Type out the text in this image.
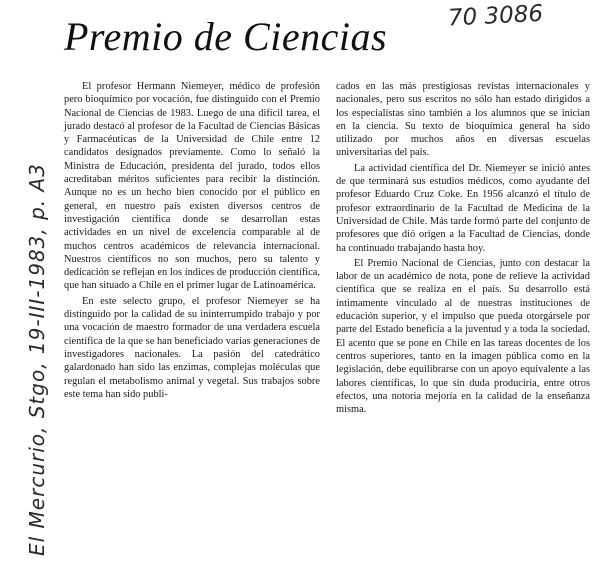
Premio de Ciencias	70 3086
El Mercurio, Stgo, 19-III-1983, p. A3

El profesor Hermann Niemeyer, médico de profesión pero bioquímico por vocación, fue distinguido con el Premio Nacional de Ciencias de 1983. Luego de una difícil tarea, el jurado destacó al profesor de la Facultad de Ciencias Básicas y Farmacéuticas de la Universidad de Chile entre 12 candidatos designados previamente. Como lo señaló la Ministra de Educación, presidenta del jurado, todos ellos acreditaban méritos suficientes para recibir la distinción. Aunque no es un hecho bien conocido por el público en general, en nuestro país existen diversos centros de investigación científica donde se desarrollan estas actividades en un nivel de excelencia comparable al de muchos centros académicos de relevancia internacional. Nuestros científicos no son muchos, pero su talento y dedicación se reflejan en los índices de producción científica, que han situado a Chile en el primer lugar de Latinoamérica.

En este selecto grupo, el profesor Niemeyer se ha distinguido por la calidad de su ininterrumpido trabajo y por una vocación de maestro formador de una verdadera escuela científica de la que se han beneficiado varias generaciones de investigadores nacionales. La pasión del catedrático galardonado han sido las enzimas, complejas moléculas que regulan el metabolismo animal y vegetal. Sus trabajos sobre este tema han sido publi-

cados en las más prestigiosas revistas internacionales y nacionales, pero sus escritos no sólo han estado dirigidos a los especialistas sino también a los alumnos que se inician en la ciencia. Su texto de bioquímica general ha sido utilizado por muchos años en diversas escuelas universitarias del país.

La actividad científica del Dr. Niemeyer se inició antes de que terminará sus estudios médicos, como ayudante del profesor Eduardo Cruz Coke. En 1956 alcanzó el título de profesor extraordinario de la Facultad de Medicina de la Universidad de Chile. Más tarde formó parte del conjunto de profesores que dió origen a la Facultad de Ciencias, donde ha continuado trabajando hasta hoy.

El Premio Nacional de Ciencias, junto con destacar la labor de un académico de nota, pone de relieve la actividad científica que se realiza en el país. Su desarrollo está íntimamente vinculado al de nuestras instituciones de educación superior, y el impulso que pueda otorgársele por parte del Estado beneficia a la juventud y a toda la sociedad. El acento que se pone en Chile en las tareas docentes de los centros superiores, tanto en la imagen pública como en la legislación, debe equilibrarse con un apoyo equivalente a las labores científicas, lo que sin duda produciría, entre otros efectos, una notoria mejoría en la calidad de la enseñanza misma.
